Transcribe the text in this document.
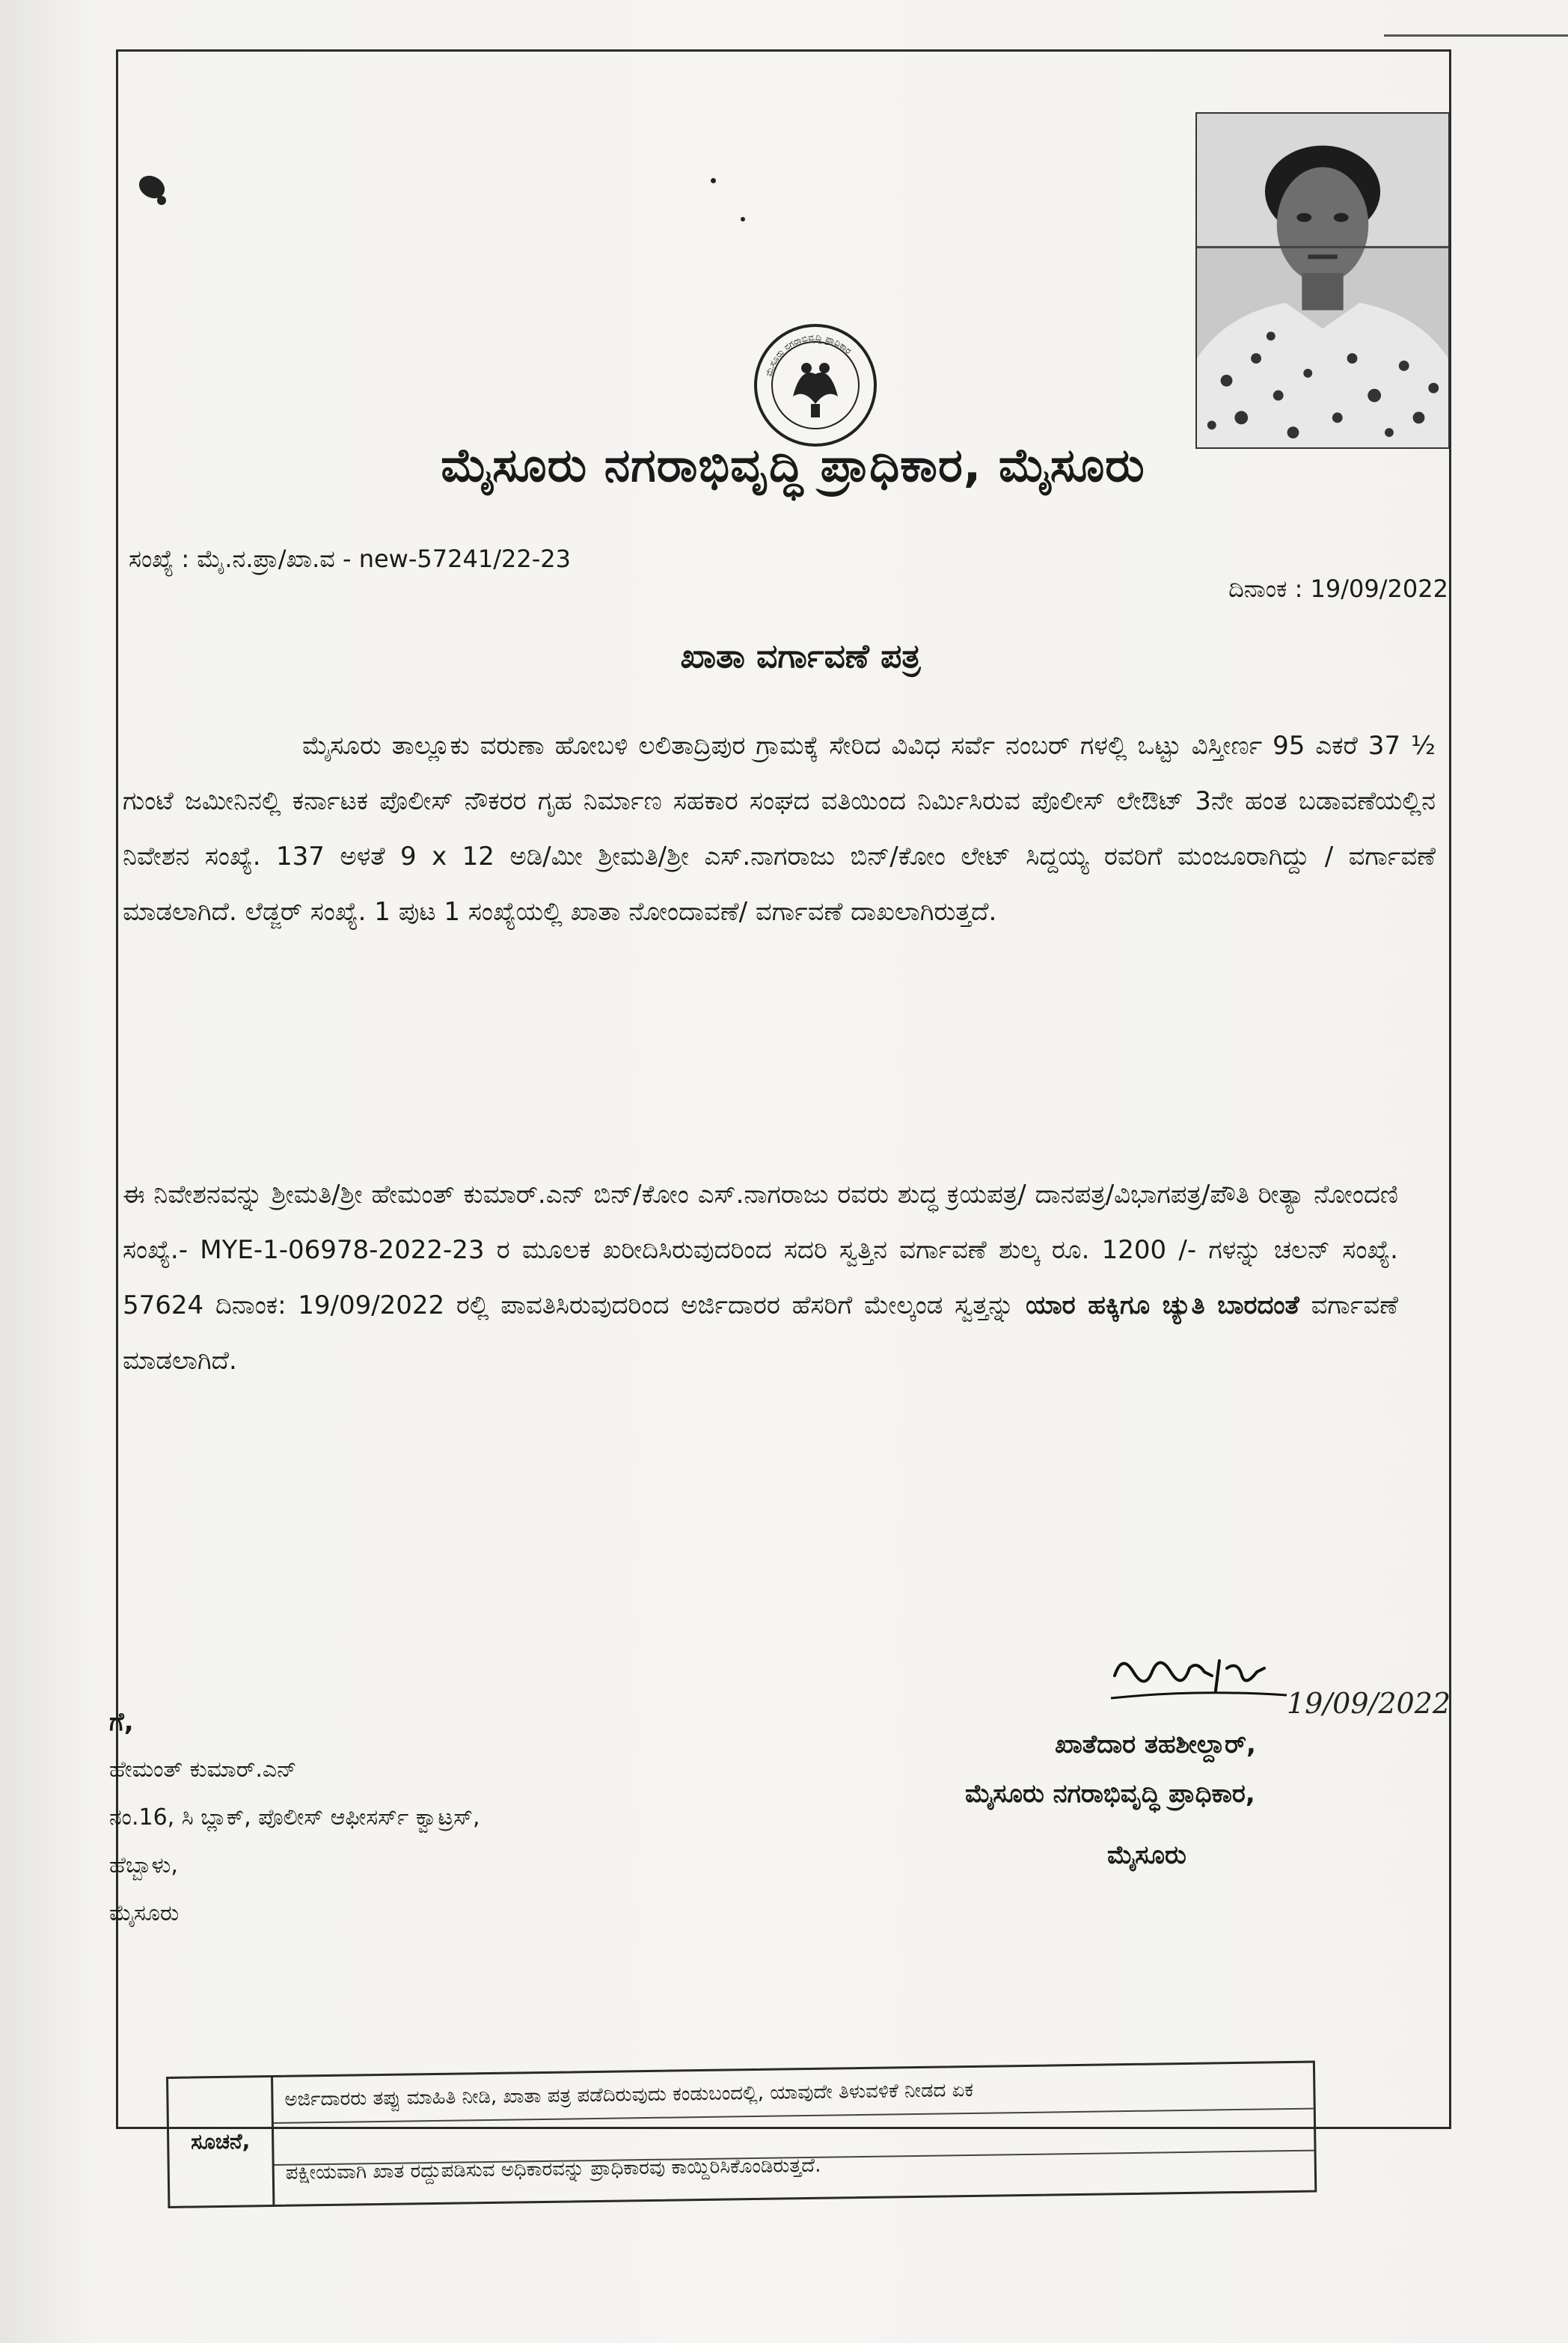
ಮೈಸೂರು ನಗರಾಭಿವೃದ್ಧಿ ಪ್ರಾಧಿಕಾರ
ಮೈಸೂರು ನಗರಾಭಿವೃದ್ಧಿ ಪ್ರಾಧಿಕಾರ, ಮೈಸೂರು
ಸಂಖ್ಯೆ : ಮೈ.ನ.ಪ್ರಾ/ಖಾ.ವ - new-57241/22-23
ದಿನಾಂಕ : 19/09/2022
ಖಾತಾ ವರ್ಗಾವಣೆ ಪತ್ರ
ಮೈಸೂರು ತಾಲ್ಲೂಕು ವರುಣಾ ಹೋಬಳಿ ಲಲಿತಾದ್ರಿಪುರ ಗ್ರಾಮಕ್ಕೆ ಸೇರಿದ ವಿವಿಧ ಸರ್ವೆ ನಂಬರ್ ಗಳಲ್ಲಿ ಒಟ್ಟು ವಿಸ್ತೀರ್ಣ 95 ಎಕರೆ 37 ½ ಗುಂಟೆ ಜಮೀನಿನಲ್ಲಿ ಕರ್ನಾಟಕ ಪೊಲೀಸ್ ನೌಕರರ ಗೃಹ ನಿರ್ಮಾಣ ಸಹಕಾರ ಸಂಘದ ವತಿಯಿಂದ ನಿರ್ಮಿಸಿರುವ ಪೊಲೀಸ್ ಲೇಔಟ್ 3ನೇ ಹಂತ ಬಡಾವಣೆಯಲ್ಲಿನ ನಿವೇಶನ ಸಂಖ್ಯೆ. 137 ಅಳತೆ 9 x 12 ಅಡಿ/ಮೀ ಶ್ರೀಮತಿ/ಶ್ರೀ ಎಸ್.ನಾಗರಾಜು ಬಿನ್/ಕೋಂ ಲೇಟ್ ಸಿದ್ದಯ್ಯ ರವರಿಗೆ ಮಂಜೂರಾಗಿದ್ದು / ವರ್ಗಾವಣೆ ಮಾಡಲಾಗಿದೆ. ಲೆಡ್ಜರ್ ಸಂಖ್ಯೆ. 1 ಪುಟ 1 ಸಂಖ್ಯೆಯಲ್ಲಿ ಖಾತಾ ನೋಂದಾವಣೆ/ ವರ್ಗಾವಣೆ ದಾಖಲಾಗಿರುತ್ತದೆ.
ಈ ನಿವೇಶನವನ್ನು ಶ್ರೀಮತಿ/ಶ್ರೀ ಹೇಮಂತ್ ಕುಮಾರ್.ಎನ್ ಬಿನ್/ಕೋಂ ಎಸ್.ನಾಗರಾಜು ರವರು ಶುದ್ಧ ಕ್ರಯಪತ್ರ/ ದಾನಪತ್ರ/ವಿಭಾಗಪತ್ರ/ಪೌತಿ ರೀತ್ಯಾ ನೋಂದಣಿ ಸಂಖ್ಯೆ.- MYE-1-06978-2022-23 ರ ಮೂಲಕ ಖರೀದಿಸಿರುವುದರಿಂದ ಸದರಿ ಸ್ವತ್ತಿನ ವರ್ಗಾವಣೆ ಶುಲ್ಕ ರೂ. 1200 /- ಗಳನ್ನು ಚಲನ್ ಸಂಖ್ಯೆ. 57624 ದಿನಾಂಕ: 19/09/2022 ರಲ್ಲಿ ಪಾವತಿಸಿರುವುದರಿಂದ ಅರ್ಜಿದಾರರ ಹೆಸರಿಗೆ ಮೇಲ್ಕಂಡ ಸ್ವತ್ತನ್ನು ಯಾರ ಹಕ್ಕಿಗೂ ಚ್ಯುತಿ ಬಾರದಂತೆ ವರ್ಗಾವಣೆ ಮಾಡಲಾಗಿದೆ.
ಗೆ,
ಹೇಮಂತ್ ಕುಮಾರ್.ಎನ್
ನಂ.16, ಸಿ ಬ್ಲಾಕ್, ಪೊಲೀಸ್ ಆಫೀಸರ್ಸ್ ಕ್ವಾಟ್ರಸ್,
ಹೆಬ್ಬಾಳು,
ಮೈಸೂರು
19/09/2022
ಖಾತೆದಾರ ತಹಶೀಲ್ದಾರ್,
ಮೈಸೂರು ನಗರಾಭಿವೃದ್ಧಿ ಪ್ರಾಧಿಕಾರ,
ಮೈಸೂರು
ಸೂಚನೆ,
ಅರ್ಜಿದಾರರು ತಪ್ಪು ಮಾಹಿತಿ ನೀಡಿ, ಖಾತಾ ಪತ್ರ ಪಡೆದಿರುವುದು ಕಂಡುಬಂದಲ್ಲಿ, ಯಾವುದೇ ತಿಳುವಳಿಕೆ ನೀಡದ ಏಕ
ಪಕ್ಷೀಯವಾಗಿ ಖಾತ ರದ್ದುಪಡಿಸುವ ಅಧಿಕಾರವನ್ನು ಪ್ರಾಧಿಕಾರವು ಕಾಯ್ದಿರಿಸಿಕೊಂಡಿರುತ್ತದೆ.
